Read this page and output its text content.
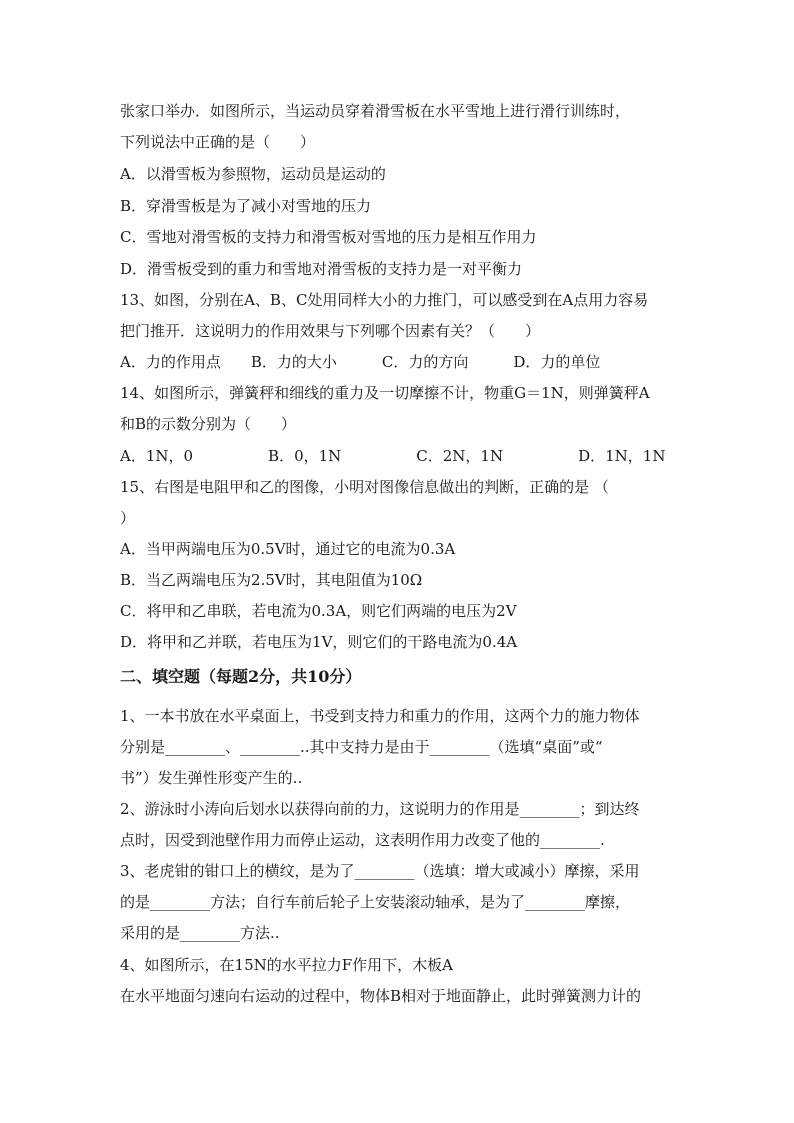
张家口举办．如图所示，当运动员穿着滑雪板在水平雪地上进行滑行训练时，

下列说法中正确的是（　　）

A．以滑雪板为参照物，运动员是运动的

B．穿滑雪板是为了减小对雪地的压力

C．雪地对滑雪板的支持力和滑雪板对雪地的压力是相互作用力

D．滑雪板受到的重力和雪地对滑雪板的支持力是一对平衡力

13、如图，分别在A、B、C处用同样大小的力推门，可以感受到在A点用力容易

把门推开．这说明力的作用效果与下列哪个因素有关？（　　）

A．力的作用点　　B．力的大小　　　C．力的方向　　　D．力的单位

14、如图所示，弹簧秤和细线的重力及一切摩擦不计，物重G＝1N，则弹簧秤A

和B的示数分别为（　　）

A．1N，0　　　　　B．0，1N　　　　　C．2N，1N　　　　　D．1N，1N

15、右图是电阻甲和乙的图像，小明对图像信息做出的判断，正确的是 （

）

A．当甲两端电压为0.5V时，通过它的电流为0.3A

B．当乙两端电压为2.5V时，其电阻值为10Ω

C．将甲和乙串联，若电流为0.3A，则它们两端的电压为2V

D．将甲和乙并联，若电压为1V，则它们的干路电流为0.4A

二、填空题（每题2分，共10分）

1、一本书放在水平桌面上，书受到支持力和重力的作用，这两个力的施力物体

分别是________、________..其中支持力是由于________（选填“桌面”或“

书”）发生弹性形变产生的..

2、游泳时小涛向后划水以获得向前的力，这说明力的作用是________；到达终

点时，因受到池壁作用力而停止运动，这表明作用力改变了他的________.

3、老虎钳的钳口上的横纹，是为了________（选填：增大或减小）摩擦，采用

的是________方法；自行车前后轮子上安装滚动轴承，是为了________摩擦，

采用的是________方法..

4、如图所示，在15N的水平拉力F作用下，木板A

在水平地面匀速向右运动的过程中，物体B相对于地面静止，此时弹簧测力计的
